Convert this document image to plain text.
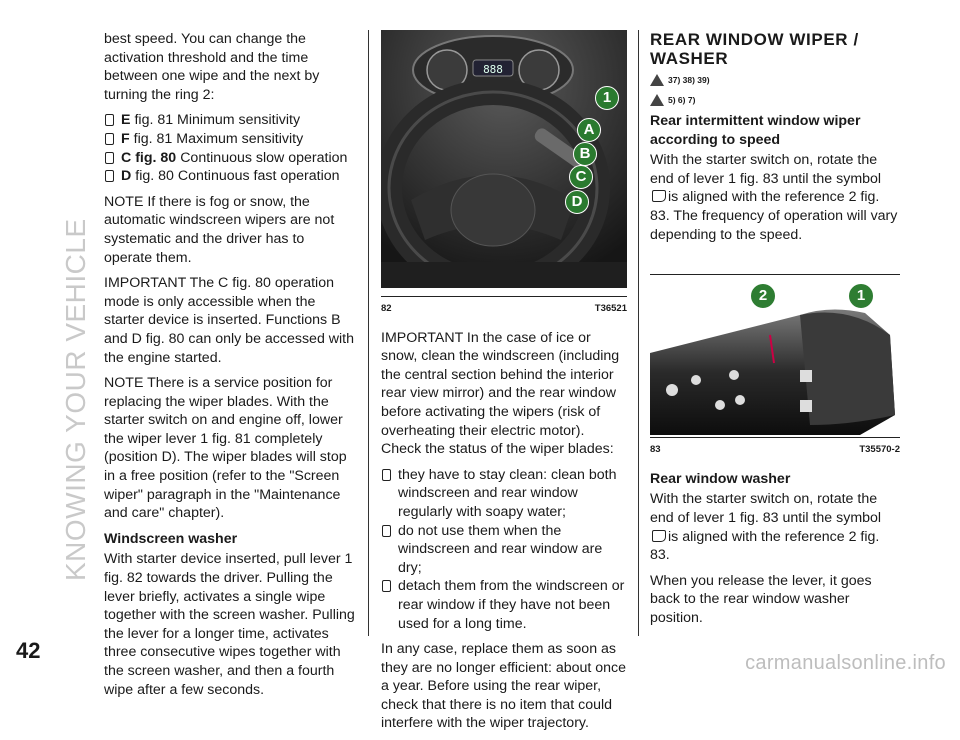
KNOWING YOUR VEHICLE
42	carmanualsonline.info

best speed. You can change the activation threshold and the time between one wipe and the next by turning the ring 2:

E fig. 81 Minimum sensitivity
F fig. 81 Maximum sensitivity
C fig. 80 Continuous slow operation
D fig. 80 Continuous fast operation

NOTE If there is fog or snow, the automatic windscreen wipers are not systematic and the driver has to operate them.

IMPORTANT The C fig. 80 operation mode is only accessible when the starter device is inserted. Functions B and D fig. 80 can only be accessed with the engine started.

NOTE There is a service position for replacing the wiper blades. With the starter switch on and engine off, lower the wiper lever 1 fig. 81 completely (position D). The wiper blades will stop in a free position (refer to the "Screen wiper" paragraph in the "Maintenance and care" chapter).

Windscreen washer

With starter device inserted, pull lever 1 fig. 82 towards the driver. Pulling the lever briefly, activates a single wipe together with the screen washer. Pulling the lever for a longer time, activates three consecutive wipes together with the screen washer, and then a fourth wipe after a few seconds.

888
1
A
B
C
D
82	T36521

IMPORTANT In the case of ice or snow, clean the windscreen (including the central section behind the interior rear view mirror) and the rear window before activating the wipers (risk of overheating their electric motor). Check the status of the wiper blades:

they have to stay clean: clean both windscreen and rear window regularly with soapy water;
do not use them when the windscreen and rear window are dry;
detach them from the windscreen or rear window if they have not been used for a long time.

In any case, replace them as soon as they are no longer efficient: about once a year. Before using the rear wiper, check that there is no item that could interfere with the wiper trajectory.

REAR WINDOW WIPER /
WASHER
37) 38) 39)
5) 6) 7)

Rear intermittent window wiper according to speed

With the starter switch on, rotate the end of lever 1 fig. 83 until the symbol is aligned with the reference 2 fig. 83. The frequency of operation will vary depending to the speed.

2	1
83	T35570-2

Rear window washer

With the starter switch on, rotate the end of lever 1 fig. 83 until the symbol is aligned with the reference 2 fig. 83.

When you release the lever, it goes back to the rear window washer position.
